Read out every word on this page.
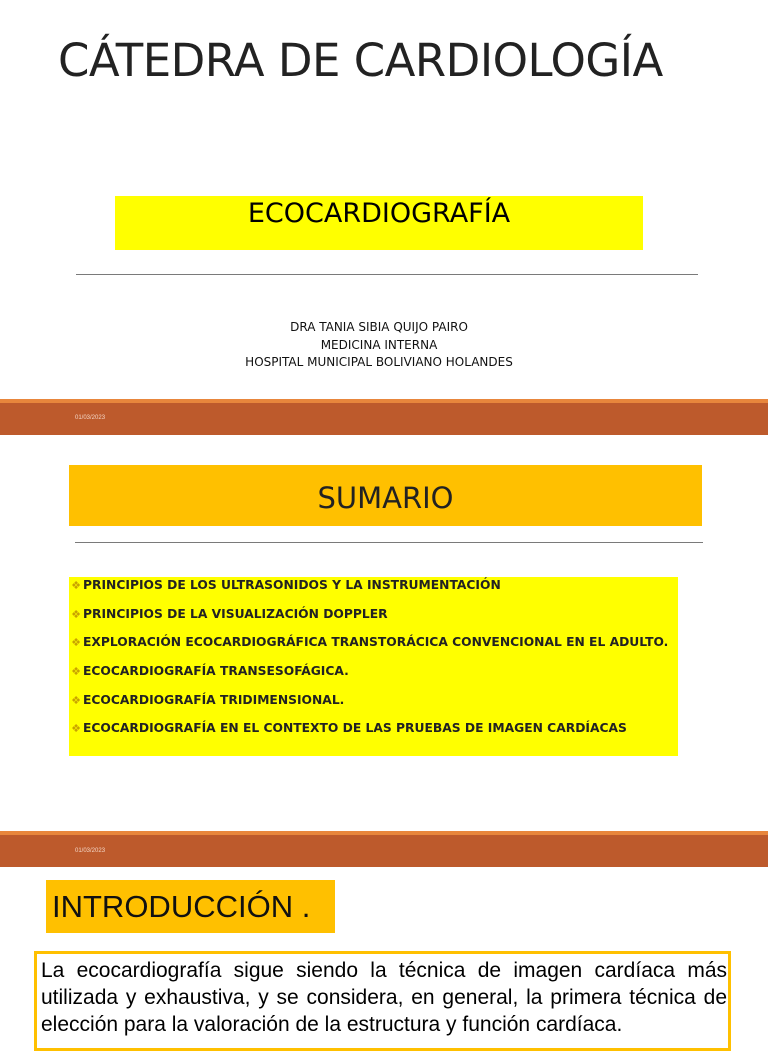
CÁTEDRA DE CARDIOLOGÍA
ECOCARDIOGRAFÍA
DRA TANIA SIBIA QUIJO PAIRO
MEDICINA INTERNA
HOSPITAL MUNICIPAL BOLIVIANO HOLANDES
01/03/2023
SUMARIO
❖ PRINCIPIOS DE LOS ULTRASONIDOS Y LA INSTRUMENTACIÓN
❖ PRINCIPIOS DE LA VISUALIZACIÓN DOPPLER
❖ EXPLORACIÓN ECOCARDIOGRÁFICA TRANSTORÁCICA CONVENCIONAL EN EL ADULTO.
❖ ECOCARDIOGRAFÍA TRANSESOFÁGICA.
❖ ECOCARDIOGRAFÍA TRIDIMENSIONAL.
❖ ECOCARDIOGRAFÍA EN EL CONTEXTO DE LAS PRUEBAS DE IMAGEN CARDÍACAS
01/03/2023
INTRODUCCIÓN .
La ecocardiografía sigue siendo la técnica de imagen cardíaca más utilizada y exhaustiva, y se considera, en general, la primera técnica de elección para la valoración de la estructura y función cardíaca.
